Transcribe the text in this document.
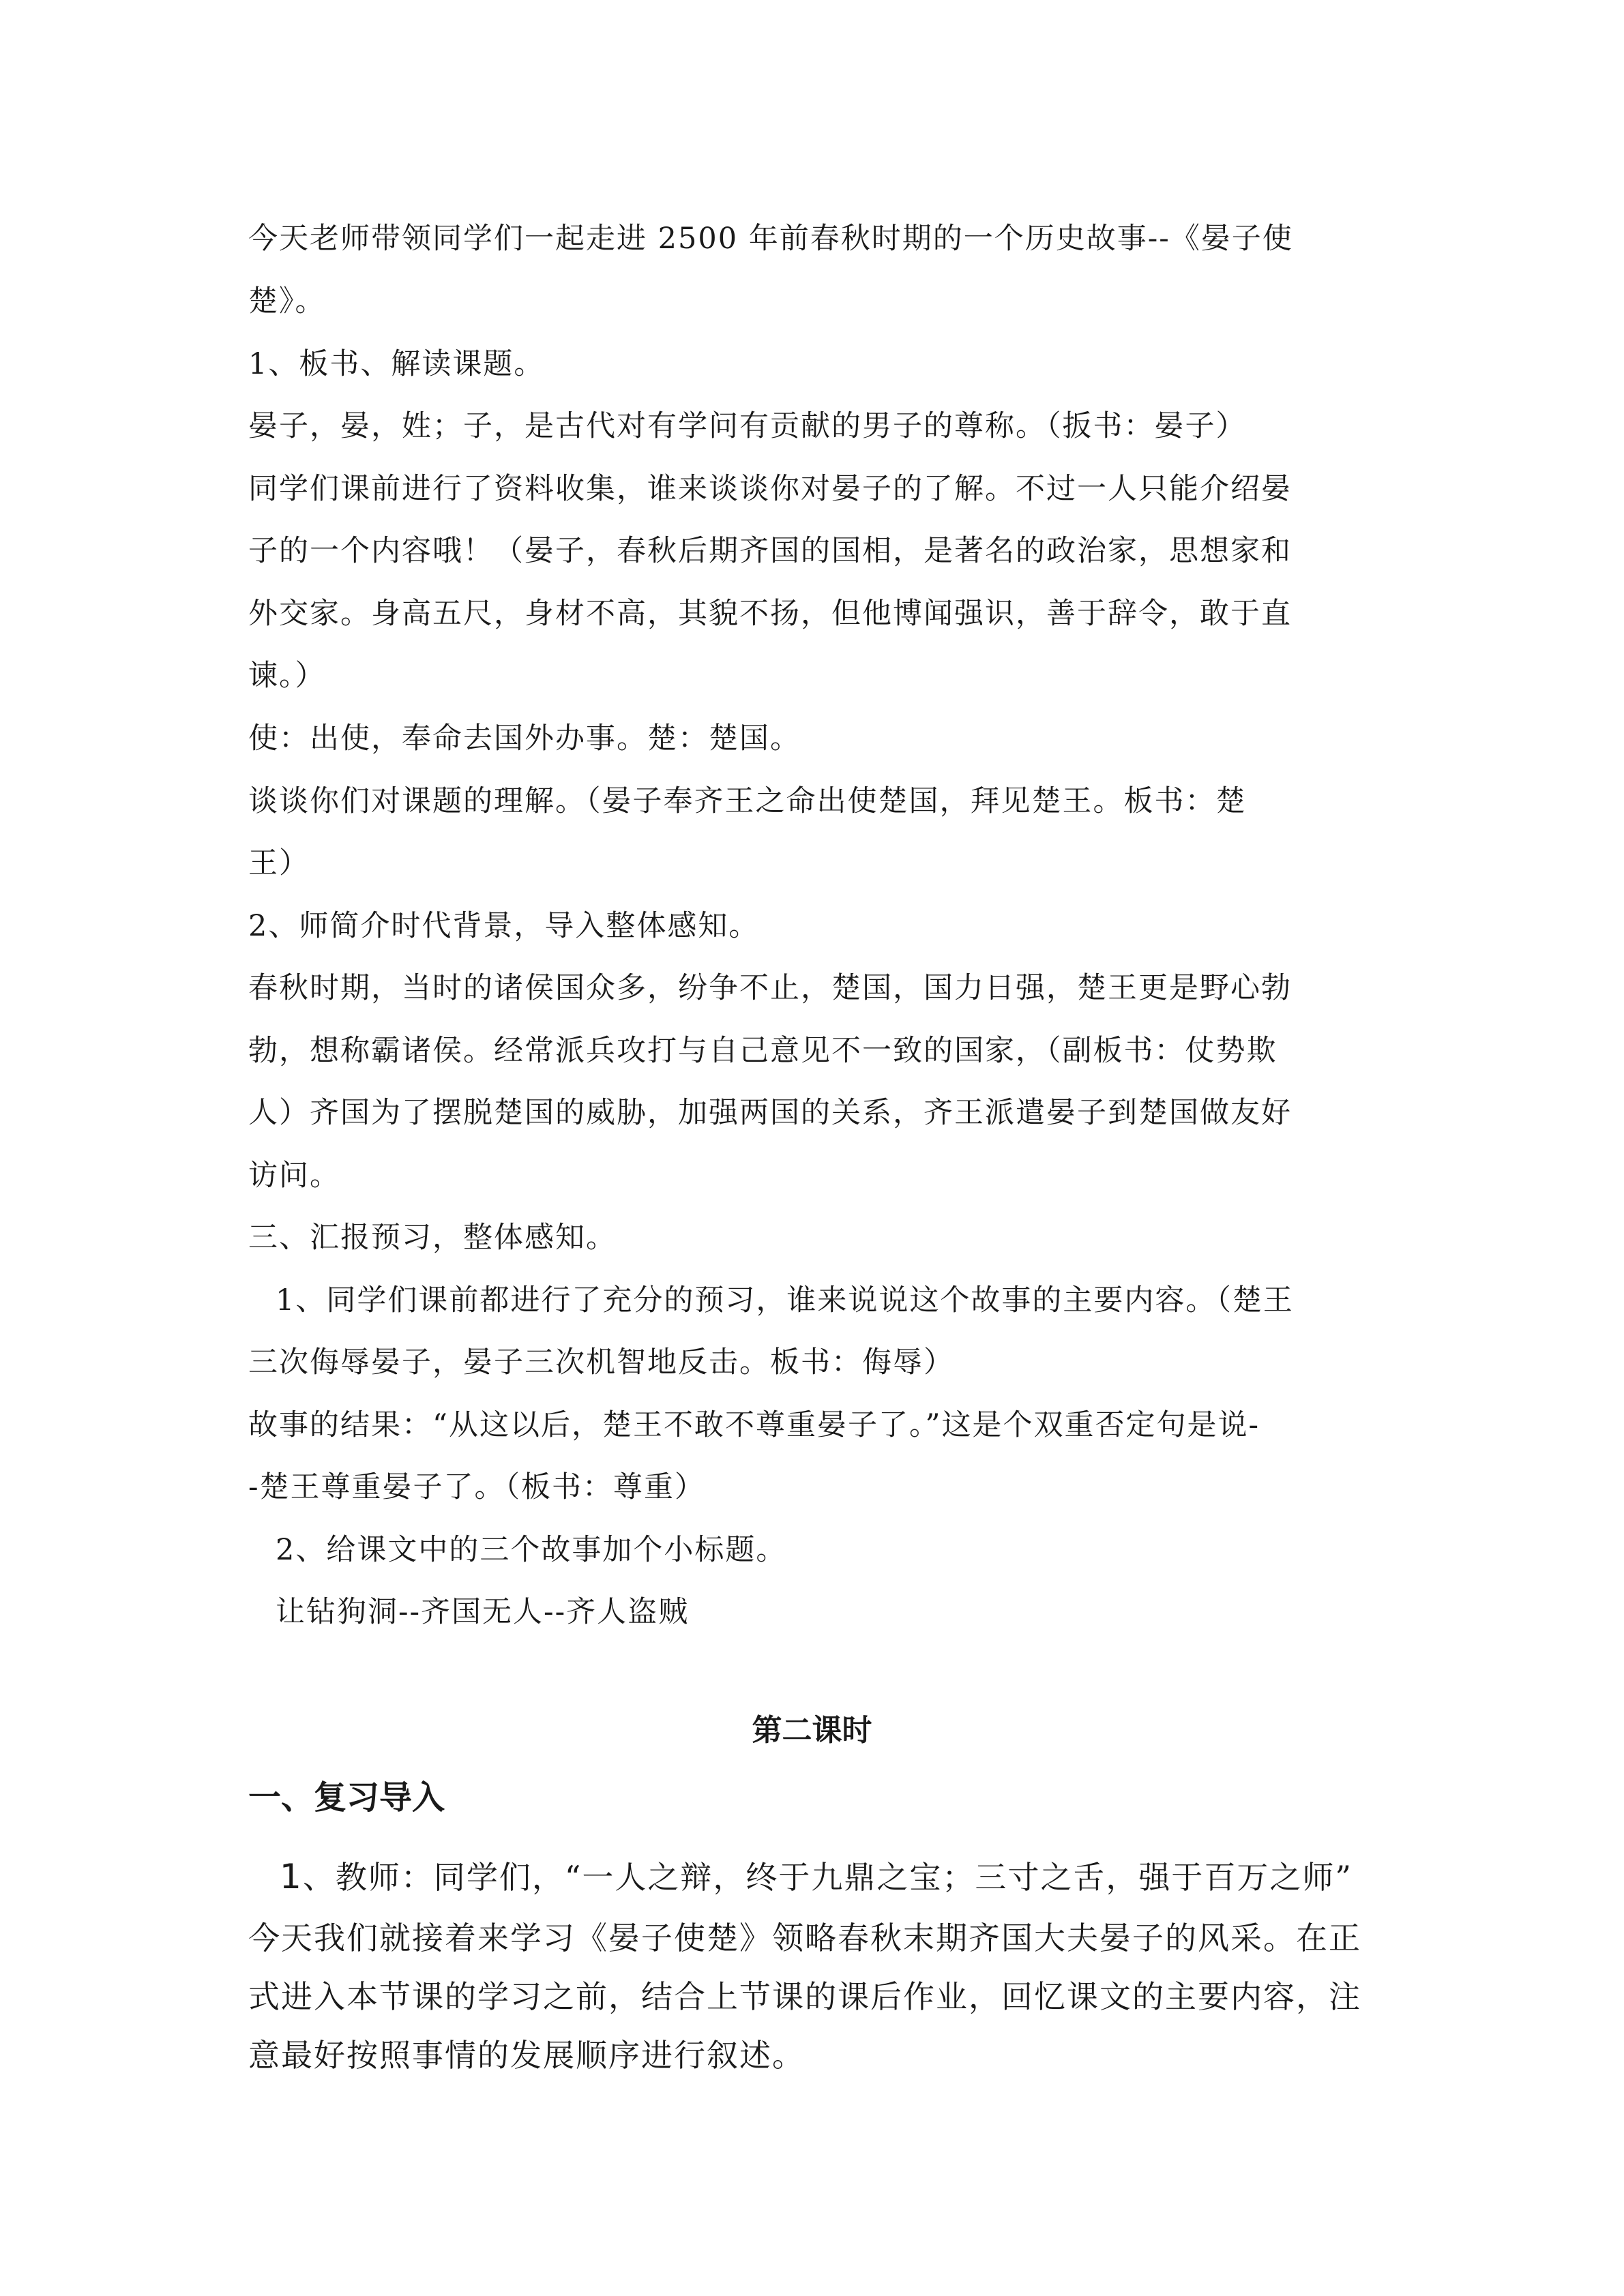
今天老师带领同学们一起走进 2500 年前春秋时期的一个历史故事--《晏子使
楚》。
1、板书、解读课题。
晏子，晏，姓；子，是古代对有学问有贡献的男子的尊称。（扳书：晏子）
同学们课前进行了资料收集，谁来谈谈你对晏子的了解。不过一人只能介绍晏
子的一个内容哦！（晏子，春秋后期齐国的国相，是著名的政治家，思想家和
外交家。身高五尺，身材不高，其貌不扬，但他博闻强识，善于辞令，敢于直
谏。）
使：出使，奉命去国外办事。楚：楚国。
谈谈你们对课题的理解。（晏子奉齐王之命出使楚国，拜见楚王。板书：楚
王）
2、师简介时代背景，导入整体感知。
春秋时期，当时的诸侯国众多，纷争不止，楚国，国力日强，楚王更是野心勃
勃，想称霸诸侯。经常派兵攻打与自己意见不一致的国家，（副板书：仗势欺
人）齐国为了摆脱楚国的威胁，加强两国的关系，齐王派遣晏子到楚国做友好
访问。
三、汇报预习，整体感知。
1、同学们课前都进行了充分的预习，谁来说说这个故事的主要内容。（楚王
三次侮辱晏子，晏子三次机智地反击。板书：侮辱）
故事的结果：“从这以后，楚王不敢不尊重晏子了。”这是个双重否定句是说-
-楚王尊重晏子了。（板书：尊重）
2、给课文中的三个故事加个小标题。
让钻狗洞--齐国无人--齐人盗贼
第二课时
一、复习导入
1、教师：同学们，“一人之辩，终于九鼎之宝；三寸之舌，强于百万之师”
今天我们就接着来学习《晏子使楚》领略春秋末期齐国大夫晏子的风采。在正
式进入本节课的学习之前，结合上节课的课后作业，回忆课文的主要内容，注
意最好按照事情的发展顺序进行叙述。
